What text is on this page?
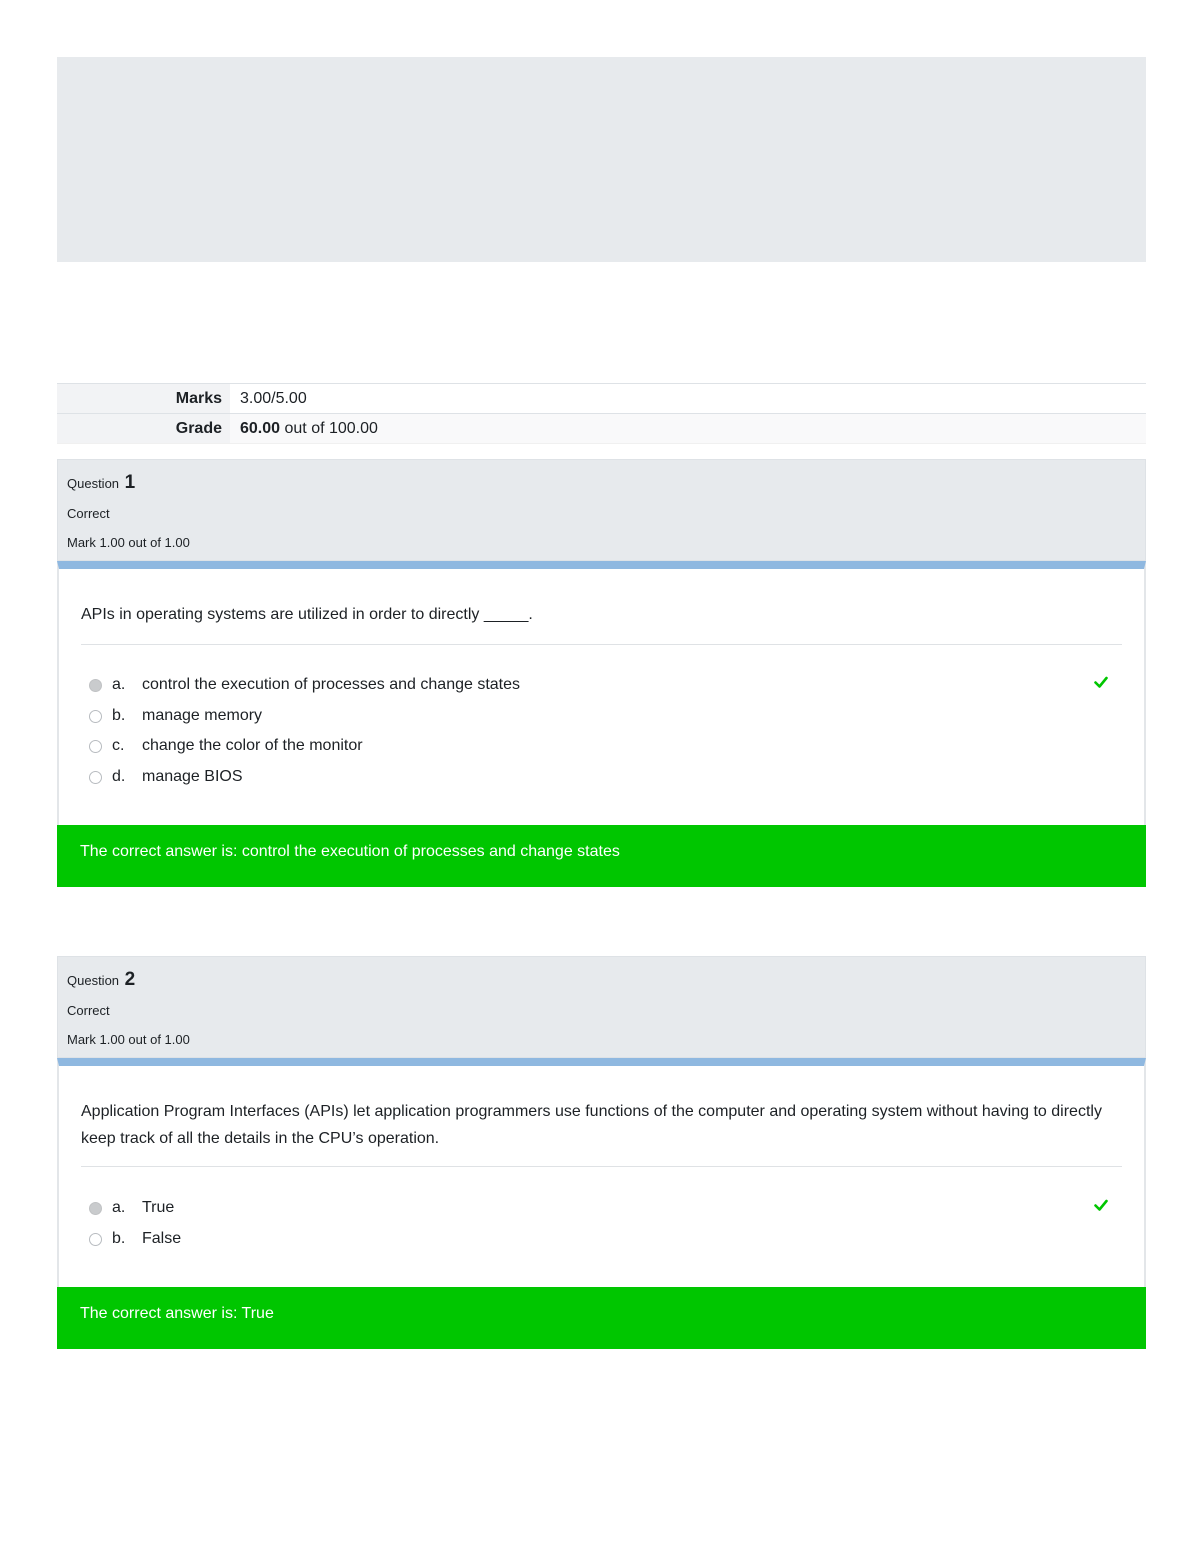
Marks	3.00/5.00
Grade	60.00 out of 100.00
Question 1
Correct
Mark 1.00 out of 1.00
APIs in operating systems are utilized in order to directly _____.
a.	control the execution of processes and change states
b.	manage memory
c.	change the color of the monitor
d.	manage BIOS
The correct answer is: control the execution of processes and change states
Question 2
Correct
Mark 1.00 out of 1.00
Application Program Interfaces (APIs) let application programmers use functions of the computer and operating system without having to directly keep track of all the details in the CPU’s operation.
a.	True
b.	False
The correct answer is: True
